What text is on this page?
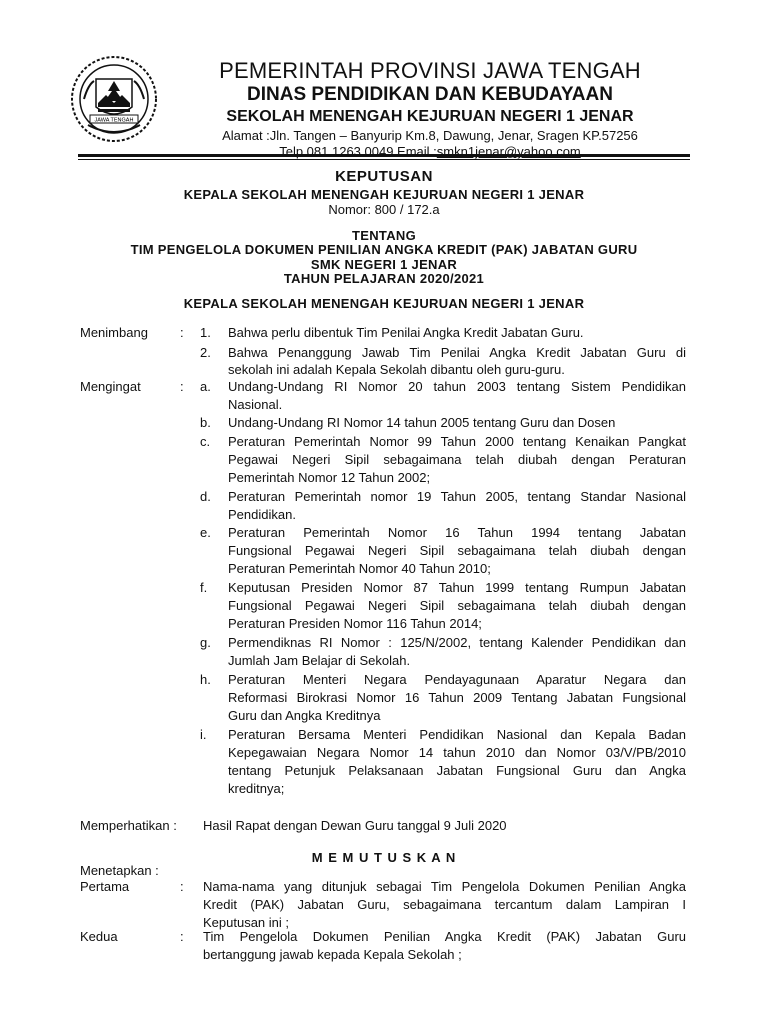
JAWA TENGAH
PEMERINTAH PROVINSI JAWA TENGAH
DINAS PENDIDIKAN DAN KEBUDAYAAN
SEKOLAH MENENGAH KEJURUAN NEGERI 1 JENAR
Alamat :Jln. Tangen – Banyurip Km.8, Dawung, Jenar, Sragen KP.57256
Telp.081 1263 0049 Email :smkn1jenar@yahoo.com
KEPUTUSAN
KEPALA SEKOLAH MENENGAH KEJURUAN NEGERI 1 JENAR
Nomor: 800 / 172.a
TENTANG
TIM PENGELOLA DOKUMEN PENILIAN ANGKA KREDIT (PAK) JABATAN GURU
SMK NEGERI 1 JENAR
TAHUN PELAJARAN 2020/2021
KEPALA SEKOLAH MENENGAH KEJURUAN NEGERI 1 JENAR
Menimbang : 1. Bahwa perlu dibentuk Tim Penilai Angka Kredit Jabatan Guru.
2. Bahwa Penanggung Jawab Tim Penilai Angka Kredit Jabatan Guru di
sekolah ini adalah Kepala Sekolah dibantu oleh guru-guru.
Mengingat	: a. Undang-Undang RI Nomor 20 tahun 2003 tentang Sistem Pendidikan
Nasional.
b. Undang-Undang RI Nomor 14 tahun 2005 tentang Guru dan Dosen
c. Peraturan Pemerintah Nomor 99 Tahun 2000 tentang Kenaikan Pangkat
Pegawai Negeri Sipil sebagaimana telah diubah dengan Peraturan
Pemerintah Nomor 12 Tahun 2002;
d. Peraturan Pemerintah nomor 19 Tahun 2005, tentang Standar Nasional
Pendidikan.
e. Peraturan Pemerintah Nomor 16 Tahun 1994 tentang Jabatan
Fungsional Pegawai Negeri Sipil sebagaimana telah diubah dengan
Peraturan Pemerintah Nomor 40 Tahun 2010;
f. Keputusan Presiden Nomor 87 Tahun 1999 tentang Rumpun Jabatan
Fungsional Pegawai Negeri Sipil sebagaimana telah diubah dengan
Peraturan Presiden Nomor 116 Tahun 2014;
g. Permendiknas RI Nomor : 125/N/2002, tentang Kalender Pendidikan dan
Jumlah Jam Belajar di Sekolah.
h. Peraturan Menteri Negara Pendayagunaan Aparatur Negara dan
Reformasi Birokrasi Nomor 16 Tahun 2009 Tentang Jabatan Fungsional
Guru dan Angka Kreditnya
i. Peraturan Bersama Menteri Pendidikan Nasional dan Kepala Badan
Kepegawaian Negara Nomor 14 tahun 2010 dan Nomor 03/V/PB/2010
tentang Petunjuk Pelaksanaan Jabatan Fungsional Guru dan Angka
kreditnya;
Memperhatikan : Hasil Rapat dengan Dewan Guru tanggal 9 Juli 2020
M E M U T U S K A N
Menetapkan :
Pertama	: Nama-nama yang ditunjuk sebagai Tim Pengelola Dokumen Penilian Angka
Kredit (PAK) Jabatan Guru, sebagaimana tercantum dalam Lampiran I
Keputusan ini ;
Kedua	: Tim Pengelola Dokumen Penilian Angka Kredit (PAK) Jabatan Guru
bertanggung jawab kepada Kepala Sekolah ;
